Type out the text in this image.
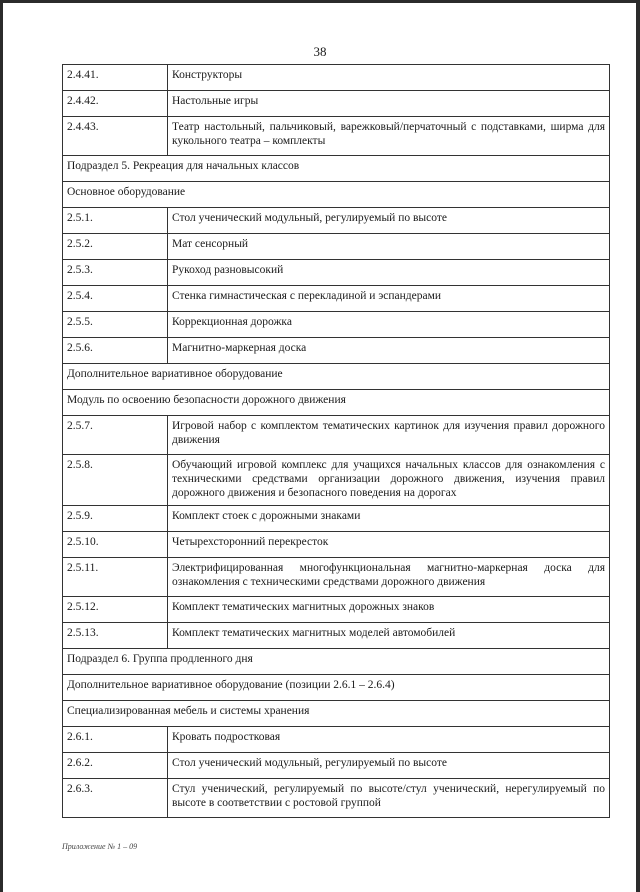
38
2.4.41.	Конструкторы
2.4.42.	Настольные игры
2.4.43.	Театр настольный, пальчиковый, варежковый/перчаточный с подставками, ширма для кукольного театра – комплекты
Подраздел 5. Рекреация для начальных классов	
Основное оборудование	
2.5.1.	Стол ученический модульный, регулируемый по высоте
2.5.2.	Мат сенсорный
2.5.3.	Рукоход разновысокий
2.5.4.	Стенка гимнастическая с перекладиной и эспандерами
2.5.5.	Коррекционная дорожка
2.5.6.	Магнитно-маркерная доска
Дополнительное вариативное оборудование	
Модуль по освоению безопасности дорожного движения	
2.5.7.	Игровой набор с комплектом тематических картинок для изучения правил дорожного движения
2.5.8.	Обучающий игровой комплекс для учащихся начальных классов для ознакомления с техническими средствами организации дорожного движения, изучения правил дорожного движения и безопасного поведения на дорогах
2.5.9.	Комплект стоек с дорожными знаками
2.5.10.	Четырехсторонний перекресток
2.5.11.	Электрифицированная многофункциональная магнитно-маркерная доска для ознакомления с техническими средствами дорожного движения
2.5.12.	Комплект тематических магнитных дорожных знаков
2.5.13.	Комплект тематических магнитных моделей автомобилей
Подраздел 6. Группа продленного дня	
Дополнительное вариативное оборудование (позиции 2.6.1 – 2.6.4)	
Специализированная мебель и системы хранения	
2.6.1.	Кровать подростковая
2.6.2.	Стол ученический модульный, регулируемый по высоте
2.6.3.	Стул ученический, регулируемый по высоте/стул ученический, нерегулируемый по высоте в соответствии с ростовой группой
Приложение № 1 – 09
